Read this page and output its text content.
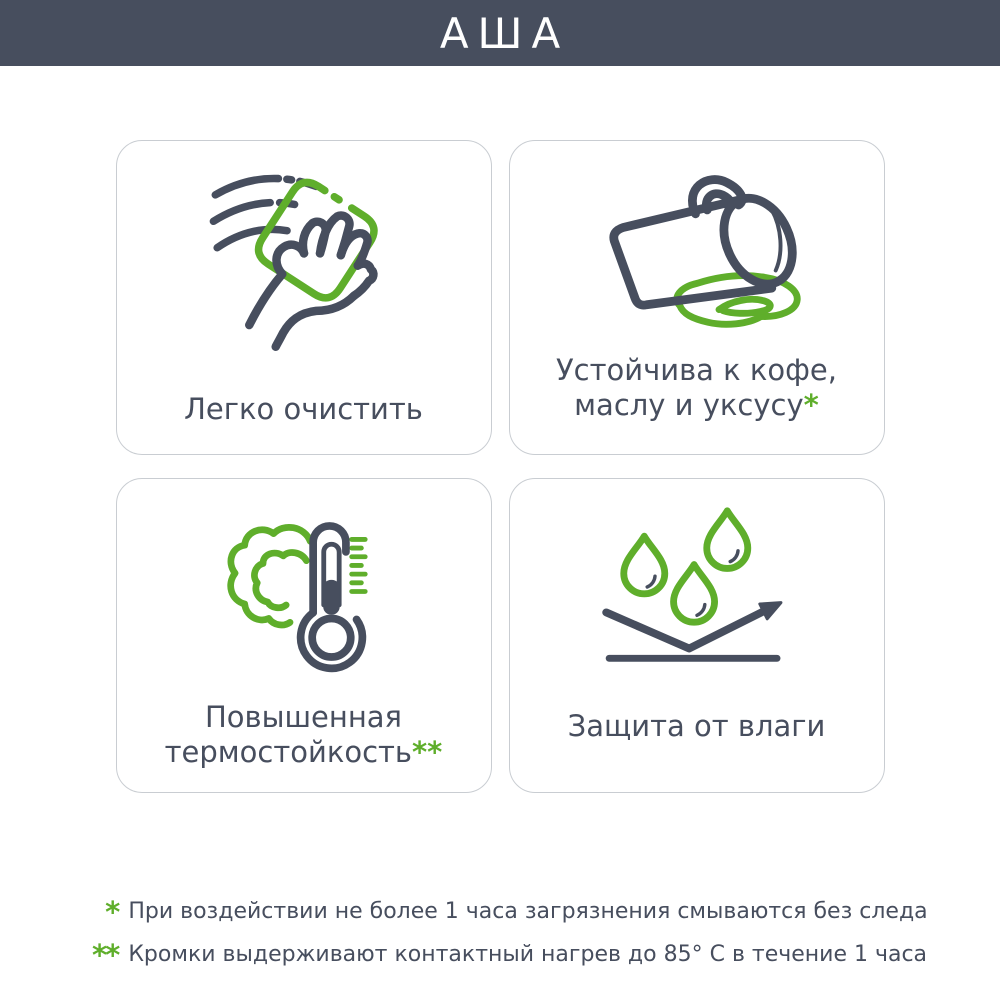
АША
Легко очистить
Устойчива к кофе,
маслу и уксусу*
Повышенная
термостойкость**
Защита от влаги
* При воздействии не более 1 часа загрязнения смываются без следа
** Кромки выдерживают контактный нагрев до 85° С в течение 1 часа
